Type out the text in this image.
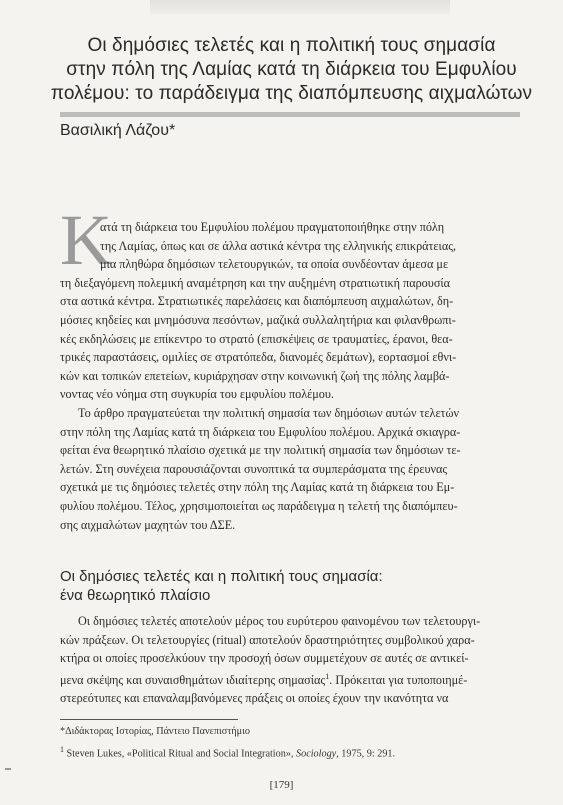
Οι δημόσιες τελετές και η πολιτική τους σημασία
στην πόλη της Λαμίας κατά τη διάρκεια του Εμφυλίου
πολέμου: το παράδειγμα της διαπόμπευσης αιχμαλώτων
Βασιλική Λάζου*
Κ
ατά τη διάρκεια του Εμφυλίου πολέμου πραγματοποιήθηκε στην πόλη
της Λαμίας, όπως και σε άλλα αστικά κέντρα της ελληνικής επικράτειας,
μια πληθώρα δημόσιων τελετουργικών, τα οποία συνδέονταν άμεσα με
τη διεξαγόμενη πολεμική αναμέτρηση και την αυξημένη στρατιωτική παρουσία
στα αστικά κέντρα. Στρατιωτικές παρελάσεις και διαπόμπευση αιχμαλώτων, δη-
μόσιες κηδείες και μνημόσυνα πεσόντων, μαζικά συλλαλητήρια και φιλανθρωπι-
κές εκδηλώσεις με επίκεντρο το στρατό (επισκέψεις σε τραυματίες, έρανοι, θεα-
τρικές παραστάσεις, ομιλίες σε στρατόπεδα, διανομές δεμάτων), εορτασμοί εθνι-
κών και τοπικών επετείων, κυριάρχησαν στην κοινωνική ζωή της πόλης λαμβά-
νοντας νέο νόημα στη συγκυρία του εμφυλίου πολέμου.
Το άρθρο πραγματεύεται την πολιτική σημασία των δημόσιων αυτών τελετών
στην πόλη της Λαμίας κατά τη διάρκεια του Εμφυλίου πολέμου. Αρχικά σκιαγρα-
φείται ένα θεωρητικό πλαίσιο σχετικά με την πολιτική σημασία των δημόσιων τε-
λετών. Στη συνέχεια παρουσιάζονται συνοπτικά τα συμπεράσματα της έρευνας
σχετικά με τις δημόσιες τελετές στην πόλη της Λαμίας κατά τη διάρκεια του Εμ-
φυλίου πολέμου. Τέλος, χρησιμοποιείται ως παράδειγμα η τελετή της διαπόμπευ-
σης αιχμαλώτων μαχητών του ΔΣΕ.
Οι δημόσιες τελετές και η πολιτική τους σημασία:
ένα θεωρητικό πλαίσιο
Οι δημόσιες τελετές αποτελούν μέρος του ευρύτερου φαινομένου των τελετουργι-
κών πράξεων. Οι τελετουργίες (ritual) αποτελούν δραστηριότητες συμβολικού χαρα-
κτήρα οι οποίες προσελκύουν την προσοχή όσων συμμετέχουν σε αυτές σε αντικεί-
μενα σκέψης και συναισθημάτων ιδιαίτερης σημασίας$^1$. Πρόκειται για τυποποιημέ-
στερεότυπες και επαναλαμβανόμενες πράξεις οι οποίες έχουν την ικανότητα να
*Διδάκτορας Ιστορίας, Πάντειο Πανεπιστήμιο
$^1$ Steven Lukes, «Political Ritual and Social Integration», Sociology, 1975, 9: 291.
[179]
